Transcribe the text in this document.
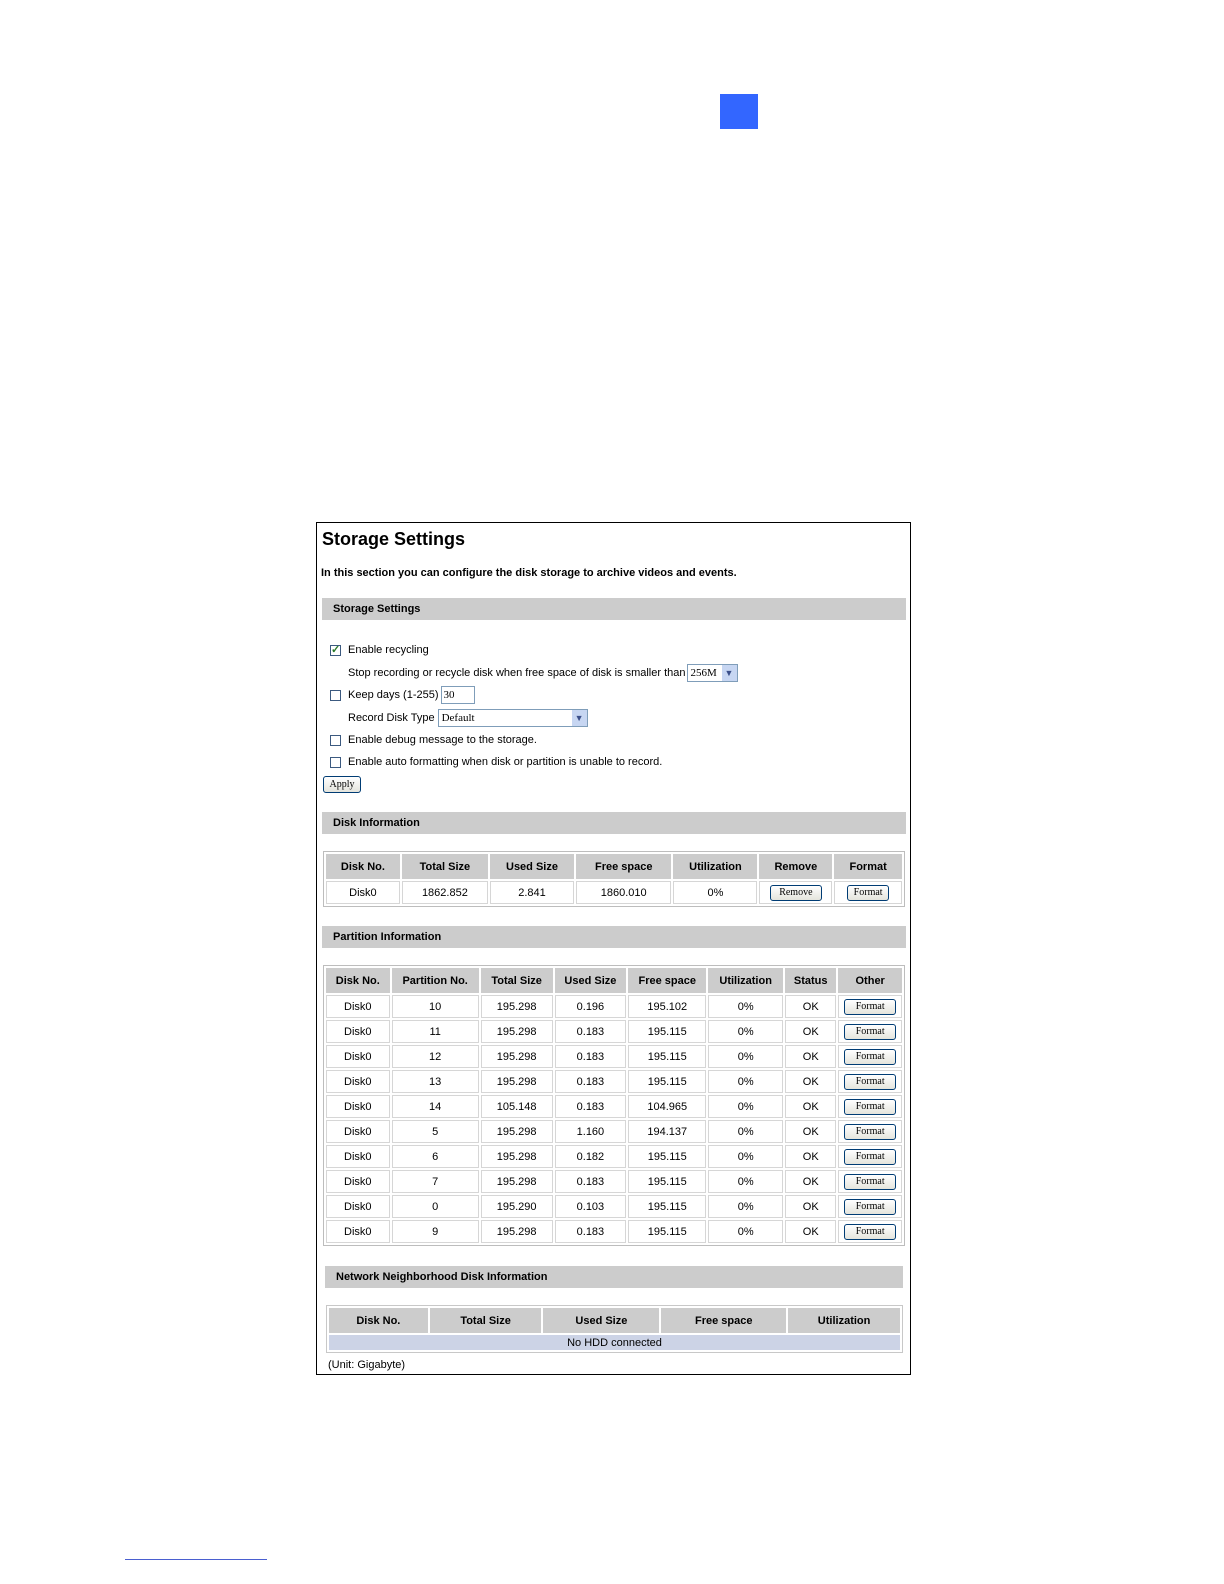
Storage Settings
In this section you can configure the disk storage to archive videos and events.
Storage Settings
✓
Enable recycling
Stop recording or recycle disk when free space of disk is smaller than 256M ▼
Keep days (1-255) 30
Record Disk Type Default	▼
Enable debug message to the storage.
Enable auto formatting when disk or partition is unable to record.
Apply
Disk Information
Disk No.	Total Size	Used Size	Free space	Utilization	Remove	Format
Disk0	1862.852	2.841	1860.010	0%	Remove	Format
Partition Information
Disk No.	Partition No.	Total Size	Used Size	Free space	Utilization	Status	Other
Disk0	10	195.298	0.196	195.102	0%	OK	Format
Disk0	11	195.298	0.183	195.115	0%	OK	Format
Disk0	12	195.298	0.183	195.115	0%	OK	Format
Disk0	13	195.298	0.183	195.115	0%	OK	Format
Disk0	14	105.148	0.183	104.965	0%	OK	Format
Disk0	5	195.298	1.160	194.137	0%	OK	Format
Disk0	6	195.298	0.182	195.115	0%	OK	Format
Disk0	7	195.298	0.183	195.115	0%	OK	Format
Disk0	0	195.290	0.103	195.115	0%	OK	Format
Disk0	9	195.298	0.183	195.115	0%	OK	Format
Network Neighborhood Disk Information
Disk No.	Total Size	Used Size	Free space	Utilization
No HDD connected
(Unit: Gigabyte)
